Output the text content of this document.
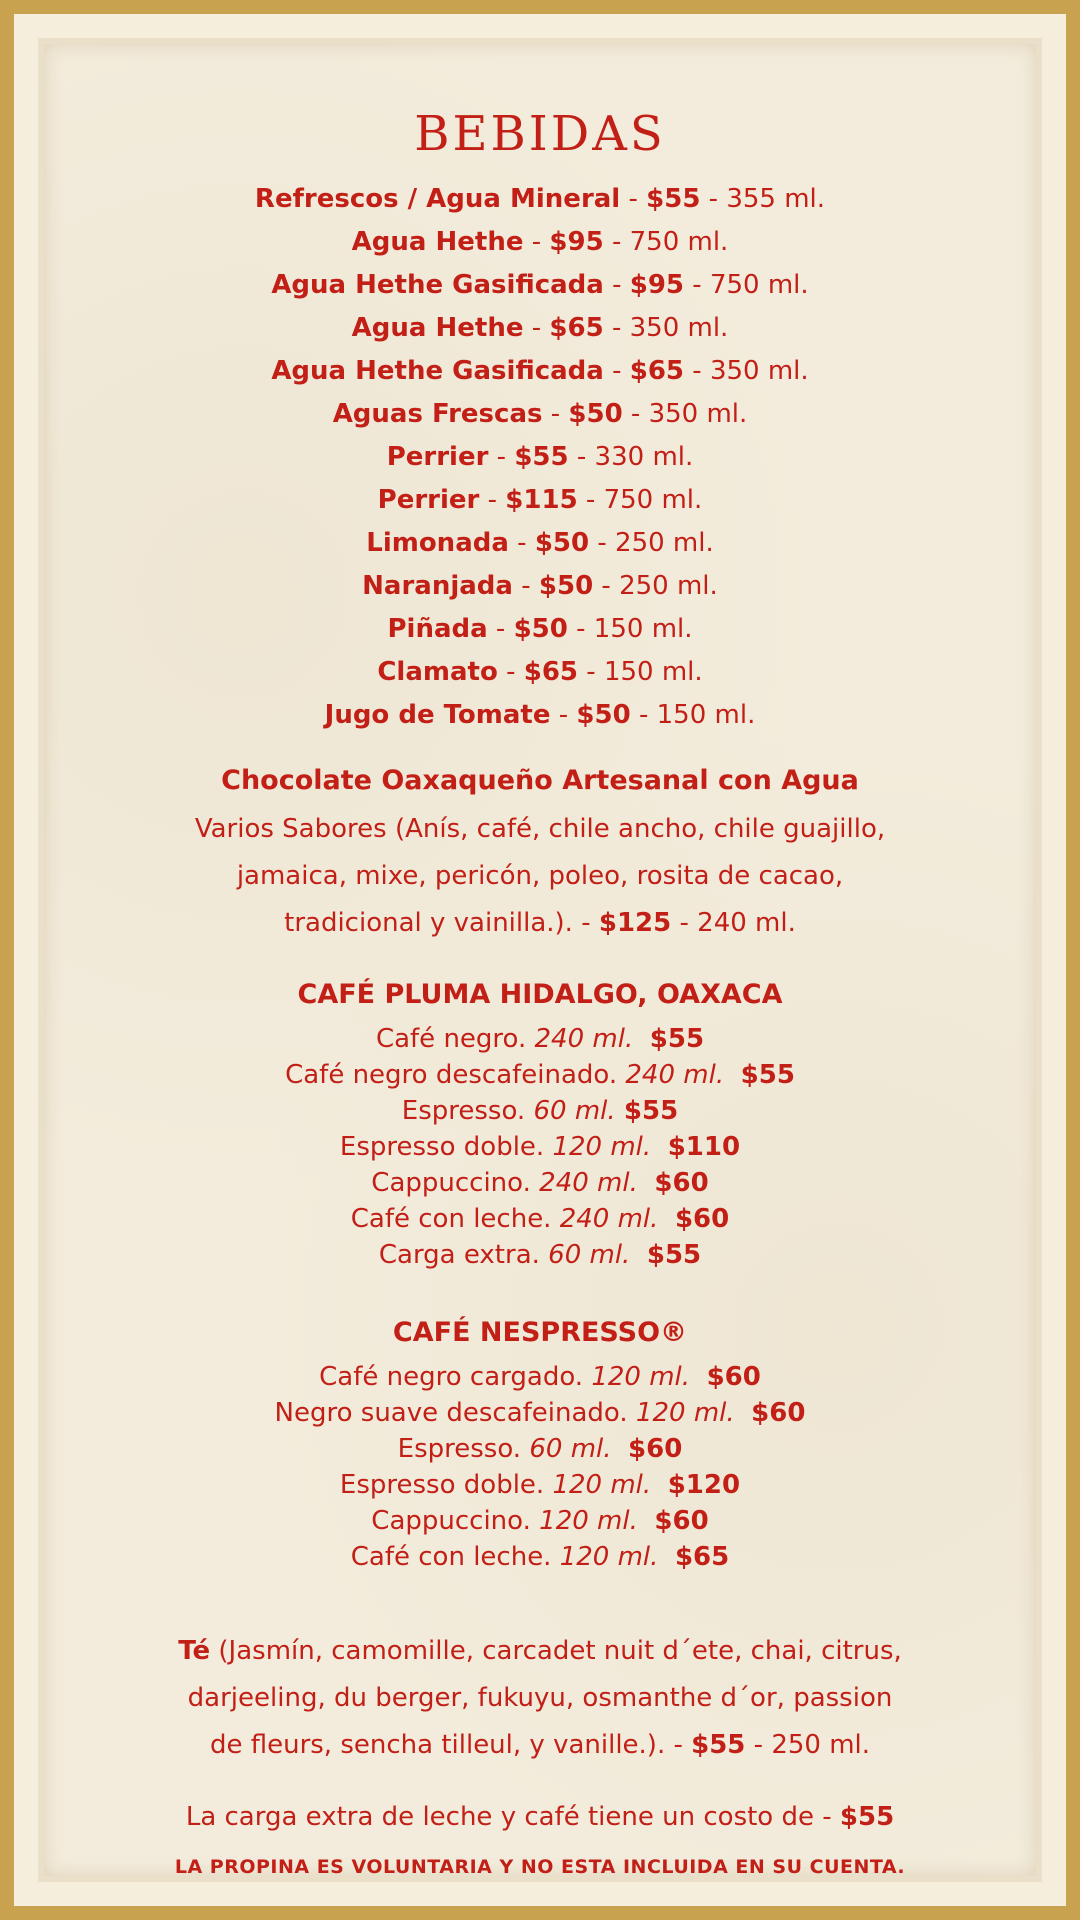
BEBIDAS
Refrescos / Agua Mineral - $55 - 355 ml.
Agua Hethe - $95 - 750 ml.
Agua Hethe Gasificada - $95 - 750 ml.
Agua Hethe - $65 - 350 ml.
Agua Hethe Gasificada - $65 - 350 ml.
Aguas Frescas - $50 - 350 ml.
Perrier - $55 - 330 ml.
Perrier - $115 - 750 ml.
Limonada - $50 - 250 ml.
Naranjada - $50 - 250 ml.
Piñada - $50 - 150 ml.
Clamato - $65 - 150 ml.
Jugo de Tomate - $50 - 150 ml.
Chocolate Oaxaqueño Artesanal con Agua
Varios Sabores (Anís, café, chile ancho, chile guajillo,
jamaica, mixe, pericón, poleo, rosita de cacao,
tradicional y vainilla.). - $125 - 240 ml.
CAFÉ PLUMA HIDALGO, OAXACA
Café negro. 240 ml. $55
Café negro descafeinado. 240 ml. $55
Espresso. 60 ml. $55
Espresso doble. 120 ml. $110
Cappuccino. 240 ml. $60
Café con leche. 240 ml. $60
Carga extra. 60 ml. $55
CAFÉ NESPRESSO®
Café negro cargado. 120 ml. $60
Negro suave descafeinado. 120 ml. $60
Espresso. 60 ml. $60
Espresso doble. 120 ml. $120
Cappuccino. 120 ml. $60
Café con leche. 120 ml. $65
Té (Jasmín, camomille, carcadet nuit d´ete, chai, citrus,
darjeeling, du berger, fukuyu, osmanthe d´or, passion
de fleurs, sencha tilleul, y vanille.). - $55 - 250 ml.
La carga extra de leche y café tiene un costo de - $55
LA PROPINA ES VOLUNTARIA Y NO ESTA INCLUIDA EN SU CUENTA.
